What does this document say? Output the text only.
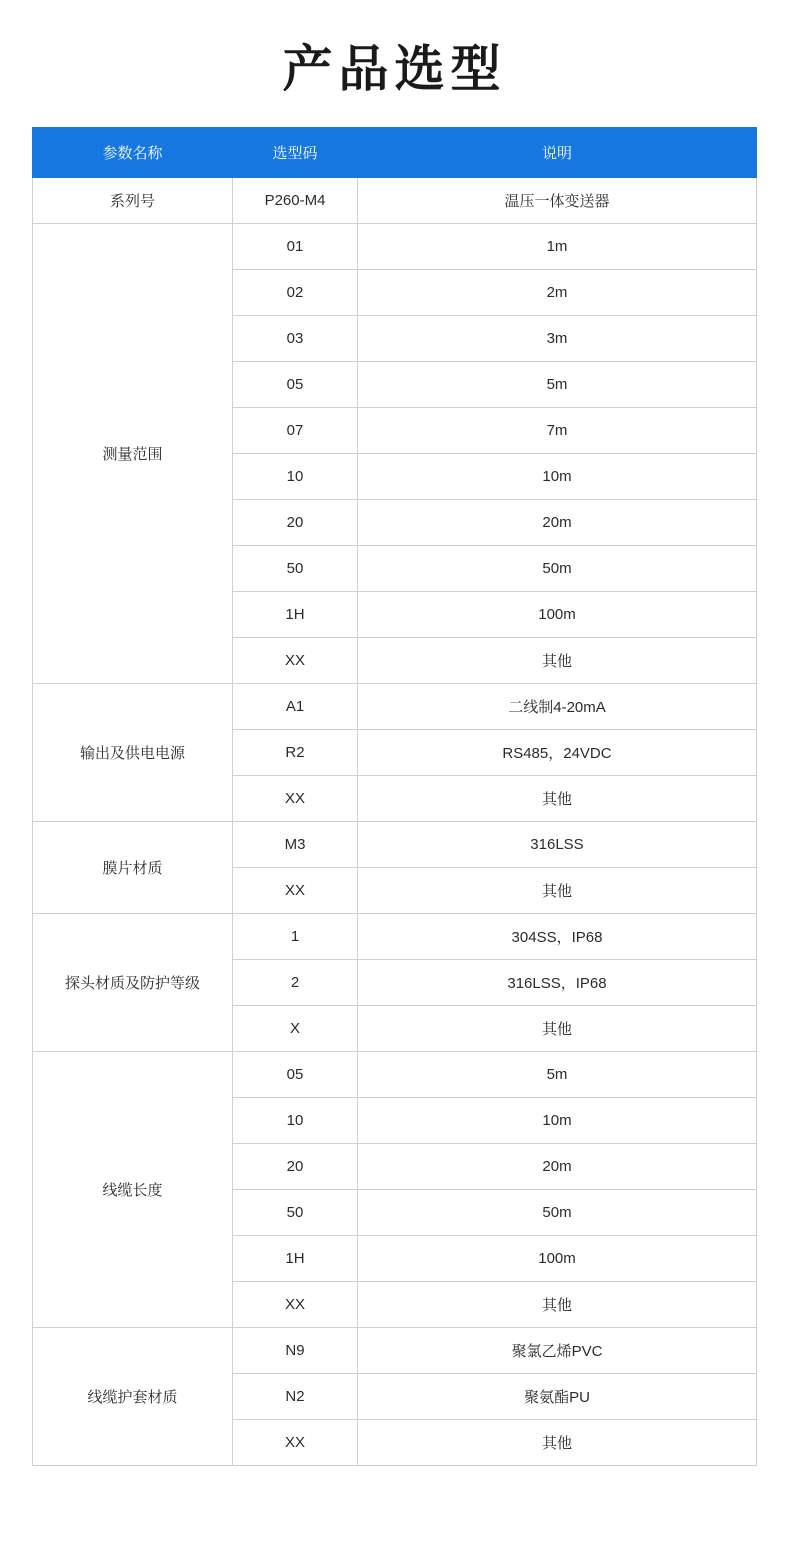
产品选型
参数名称	选型码	说明
系列号	P260-M4	温压一体变送器
测量范围	01	1m
	02	2m
	03	3m
	05	5m
	07	7m
	10	10m
	20	20m
	50	50m
	1H	100m
	XX	其他
输出及供电电源	A1	二线制4-20mA
	R2	RS485，24VDC
	XX	其他
膜片材质	M3	316LSS
	XX	其他
探头材质及防护等级	1	304SS，IP68
	2	316LSS，IP68
	X	其他
线缆长度	05	5m
	10	10m
	20	20m
	50	50m
	1H	100m
	XX	其他
线缆护套材质	N9	聚氯乙烯PVC
	N2	聚氨酯PU
	XX	其他
